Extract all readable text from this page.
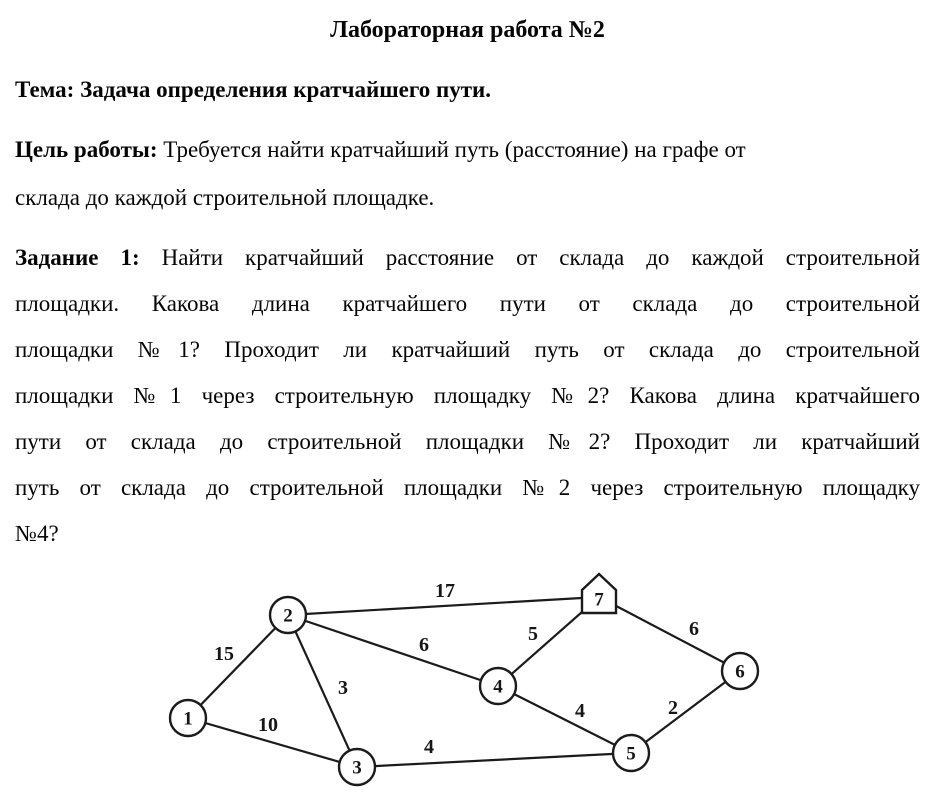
Лабораторная работа №2

Тема: Задача определения кратчайшего пути.

Цель работы: Требуется найти кратчайший путь (расстояние) на графе от
склада до каждой строительной площадке.
Задание 1: Найти кратчайший расстояние от склада до каждой строительной
площадки. Какова длина кратчайшего пути от склада до строительной
площадки №1? Проходит ли кратчайший путь от склада до строительной
площадки №1 через строительную площадку №2? Какова длина кратчайшего
пути от склада до строительной площадки №2? Проходит ли кратчайший
путь от склада до строительной площадки №2 через строительную площадку
№4?
1
2
3
4
5
6
7
15
10
3
6
17
5
4
4
2
6
